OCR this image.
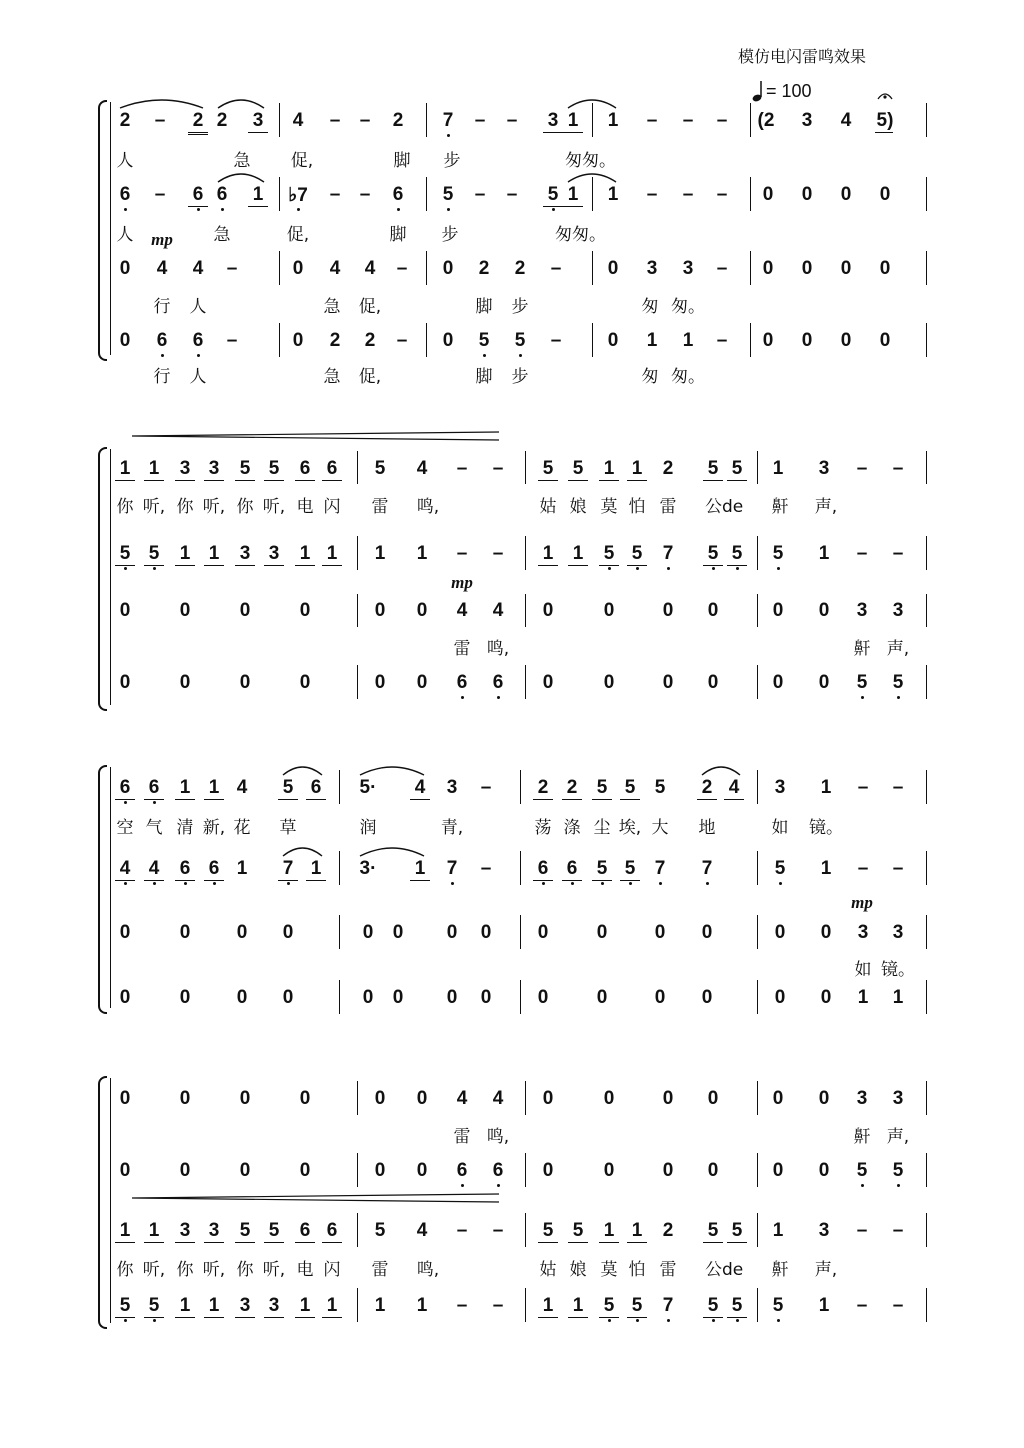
2	–	2 2	3	4	–	–	2	7	–	–	3 1	1	–	–	–	(2	3	4	5)
人	急	促,	脚	步	匆匆。
6	–	6 6	1	♭7	–	–	6	5	–	–	5 1	1	–	–	–	0	0	0	0
人	急	促,	脚	步	匆匆。
mp
0	4	4	–	0	4	4	–	0	2	2	–	0	3	3	–	0	0	0	0
行	人	急	促,	脚	步	匆 匆。
0	6	6	–	0	2	2	–	0	5	5	–	0	1	1	–	0	0	0	0
行	人	急	促,	脚	步	匆 匆。
1 1	3 3	5 5	6 6	5	4	–	–	5	5	1 1	2	5 5	1	3	–	–
你 听, 你 听, 你 听, 电 闪	雷	鸣,	姑 娘 莫 怕 雷	公de	鼾	声,
5 5	1 1	3 3	1 1	1	1	–	–	1	1	5 5	7	5 5	5	1	–	–
mp
0	0	0	0	0	0	4	4	0	0	0	0	0	0	3	3
雷 鸣,	鼾 声,
0	0	0	0	0	0	6	6	0	0	0	0	0	0	5	5
6 6	1 1 4	5 6	5·	4	3	–	2 2	5 5	5	2 4	3	1	–	–
空 气 清 新, 花	草	润	青,	荡 涤 尘 埃, 大	地	如	镜。
4 4	6 6 1	7 1	3·	1	7	–	6 6	5 5	7	7	5	1	–	–
mp
0	0	0	0	0	0	0	0	0	0	0	0	0	0	3	3
如 镜。
0	0	0	0	0	0	0	0	0	0	0	0	0	0	1	1
0	0	0	0	0	0	4	4	0	0	0	0	0	0	3	3
雷 鸣,	鼾 声,
0	0	0	0	0	0	6	6	0	0	0	0	0	0	5	5
1 1	3 3	5 5	6 6	5	4	–	–	5	5	1 1	2	5 5	1	3	–	–
你 听, 你 听, 你 听, 电 闪	雷	鸣,	姑 娘 莫 怕 雷	公de	鼾	声,
5 5	1 1	3 3	1 1	1	1	–	–	1	1	5 5	7	5 5	5	1	–	–
模仿电闪雷鸣效果
= 100
